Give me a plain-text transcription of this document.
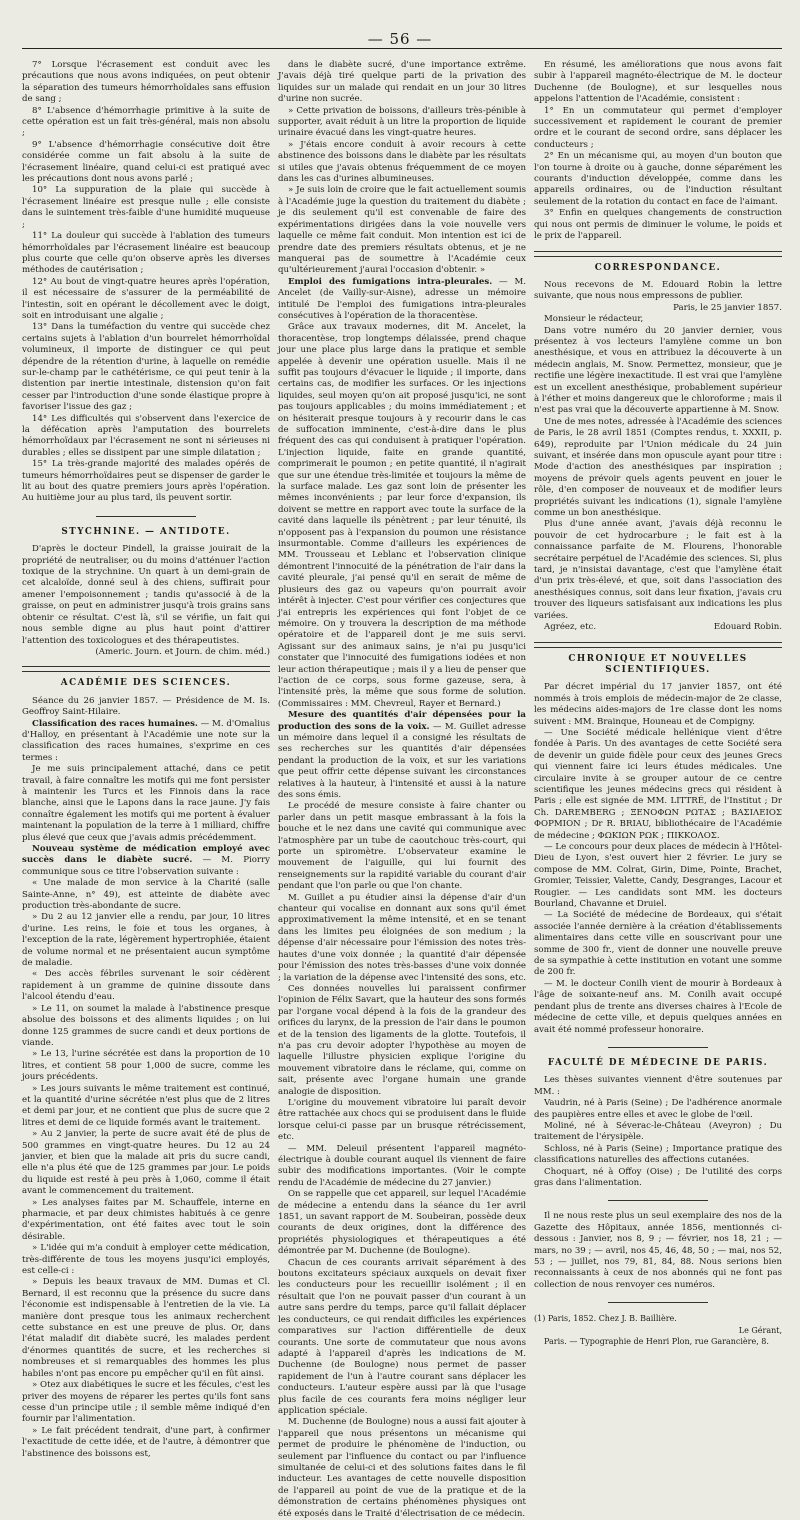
— 56 —

7° Lorsque l'écrasement est conduit avec les précautions que nous avons indiquées, on peut obtenir la séparation des tumeurs hémorrhoïdales sans effusion de sang ;

8° L'absence d'hémorrhagie primitive à la suite de cette opération est un fait très-général, mais non absolu ;

9° L'absence d'hémorrhagie consécutive doit être considérée comme un fait absolu à la suite de l'écrasement linéaire, quand celui-ci est pratiqué avec les précautions dont nous avons parlé ;

10° La suppuration de la plaie qui succède à l'écrasement linéaire est presque nulle ; elle consiste dans le suintement très-faible d'une humidité muqueuse ;

11° La douleur qui succède à l'ablation des tumeurs hémorrhoïdales par l'écrasement linéaire est beaucoup plus courte que celle qu'on observe après les diverses méthodes de cautérisation ;

12° Au bout de vingt-quatre heures après l'opération, il est nécessaire de s'assurer de la perméabilité de l'intestin, soit en opérant le décollement avec le doigt, soit en introduisant une algalie ;

13° Dans la tuméfaction du ventre qui succède chez certains sujets à l'ablation d'un bourrelet hémorrhoïdal volumineux, il importe de distinguer ce qui peut dépendre de la rétention d'urine, à laquelle on remédie sur-le-champ par le cathétérisme, ce qui peut tenir à la distention par inertie intestinale, distension qu'on fait cesser par l'introduction d'une sonde élastique propre à favoriser l'issue des gaz ;

14° Les difficultés qui s'observent dans l'exercice de la défécation après l'amputation des bourrelets hémorrhoïdaux par l'écrasement ne sont ni sérieuses ni durables ; elles se dissipent par une simple dilatation ;

15° La très-grande majorité des malades opérés de tumeurs hémorrhoïdaires peut se dispenser de garder le lit au bout des quatre premiers jours après l'opération. Au huitième jour au plus tard, ils peuvent sortir.

STYCHNINE. — ANTIDOTE.

D'après le docteur Pindell, la graisse jouirait de la propriété de neutraliser, ou du moins d'atténuer l'action toxique de la strychnine. Un quart à un demi-grain de cet alcaloïde, donné seul à des chiens, suffirait pour amener l'empoisonnement ; tandis qu'associé à de la graisse, on peut en administrer jusqu'à trois grains sans obtenir ce résultat. C'est là, s'il se vérifie, un fait qui nous semble digne au plus haut point d'attirer l'attention des toxicologues et des thérapeutistes.

(Americ. Journ. et Journ. de chim. méd.)

ACADÉMIE DES SCIENCES.

Séance du 26 janvier 1857. — Présidence de M. Is. Geoffroy Saint-Hilaire.

Classification des races humaines. — M. d'Omalius d'Halloy, en présentant à l'Académie une note sur la classification des races humaines, s'exprime en ces termes :

Je me suis principalement attaché, dans ce petit travail, à faire connaître les motifs qui me font persister à maintenir les Turcs et les Finnois dans la race blanche, ainsi que le Lapons dans la race jaune. J'y fais connaître également les motifs qui me portent à évaluer maintenant la population de la terre à 1 milliard, chiffre plus élevé que ceux que j'avais admis précédemment.

Nouveau système de médication employé avec succès dans le diabète sucré. — M. Piorry communique sous ce titre l'observation suivante :

« Une malade de mon service à la Charité (salle Sainte-Anne, n° 49), est atteinte de diabète avec production très-abondante de sucre.

» Du 2 au 12 janvier elle a rendu, par jour, 10 litres d'urine. Les reins, le foie et tous les organes, à l'exception de la rate, légèrement hypertrophiée, étaient de volume normal et ne présentaient aucun symptôme de maladie.

« Des accès fébriles survenant le soir cédèrent rapidement à un gramme de quinine dissoute dans l'alcool étendu d'eau.

» Le 11, on soumet la malade à l'abstinence presque absolue des boissons et des aliments liquides ; on lui donne 125 grammes de sucre candi et deux portions de viande.

» Le 13, l'urine sécrétée est dans la proportion de 10 litres, et contient 58 pour 1,000 de sucre, comme les jours précédents.

» Les jours suivants le même traitement est continué, et la quantité d'urine sécrétée n'est plus que de 2 litres et demi par jour, et ne contient que plus de sucre que 2 litres et demi de ce liquide formés avant le traitement.

» Au 2 janvier, la perte de sucre avait été de plus de 500 grammes en vingt-quatre heures. Du 12 au 24 janvier, et bien que la malade ait pris du sucre candi, elle n'a plus été que de 125 grammes par jour. Le poids du liquide est resté à peu près à 1,060, comme il était avant le commencement du traitement.

» Les analyses faites par M. Schauffele, interne en pharmacie, et par deux chimistes habitués à ce genre d'expérimentation, ont été faites avec tout le soin désirable.

» L'idée qui m'a conduit à employer cette médication, très-différente de tous les moyens jusqu'ici employés, est celle-ci :

» Depuis les beaux travaux de MM. Dumas et Cl. Bernard, il est reconnu que la présence du sucre dans l'économie est indispensable à l'entretien de la vie. La manière dont presque tous les animaux recherchent cette substance en est une preuve de plus. Or, dans l'état maladif dit diabète sucré, les malades perdent d'énormes quantités de sucre, et les recherches si nombreuses et si remarquables des hommes les plus habiles n'ont pas encore pu empêcher qu'il en fût ainsi.

» Otez aux diabétiques le sucre et les fécules, c'est les priver des moyens de réparer les pertes qu'ils font sans cesse d'un principe utile ; il semble même indiqué d'en fournir par l'alimentation.

» Le fait précédent tendrait, d'une part, à confirmer l'exactitude de cette idée, et de l'autre, à démontrer que l'abstinence des boissons est,

dans le diabète sucré, d'une importance extrême. J'avais déjà tiré quelque parti de la privation des liquides sur un malade qui rendait en un jour 30 litres d'urine non sucrée.

» Cette privation de boissons, d'ailleurs très-pénible à supporter, avait réduit à un litre la proportion de liquide urinaire évacué dans les vingt-quatre heures.

» J'étais encore conduit à avoir recours à cette abstinence des boissons dans le diabète par les résultats si utiles que j'avais obtenus fréquemment de ce moyen dans les cas d'urines albumineuses.

» Je suis loin de croire que le fait actuellement soumis à l'Académie juge la question du traitement du diabète ; je dis seulement qu'il est convenable de faire des expérimentations dirigées dans la voie nouvelle vers laquelle ce même fait conduit. Mon intention est ici de prendre date des premiers résultats obtenus, et je ne manquerai pas de soumettre à l'Académie ceux qu'ultérieurement j'aurai l'occasion d'obtenir. »

Emploi des fumigations intra-pleurales. — M. Ancelet (de Vailly-sur-Aisne), adresse un mémoire intitulé De l'emploi des fumigations intra-pleurales consécutives à l'opération de la thoracentèse.

Grâce aux travaux modernes, dit M. Ancelet, la thoracentèse, trop longtemps délaissée, prend chaque jour une place plus large dans la pratique et semble appelée à devenir une opération usuelle. Mais il ne suffit pas toujours d'évacuer le liquide ; il importe, dans certains cas, de modifier les surfaces. Or les injections liquides, seul moyen qu'on ait proposé jusqu'ici, ne sont pas toujours applicables ; du moins immédiatement ; et on hésiterait presque toujours à y recourir dans le cas de suffocation imminente, c'est-à-dire dans le plus fréquent des cas qui conduisent à pratiquer l'opération. L'injection liquide, faite en grande quantité, comprimerait le poumon ; en petite quantité, il n'agirait que sur une étendue très-limitée et toujours la même de la surface malade. Les gaz sont loin de présenter les mêmes inconvénients ; par leur force d'expansion, ils doivent se mettre en rapport avec toute la surface de la cavité dans laquelle ils pénètrent ; par leur ténuité, ils n'opposent pas à l'expansion du poumon une résistance insurmontable. Comme d'ailleurs les expériences de MM. Trousseau et Leblanc et l'observation clinique démontrent l'innocuité de la pénétration de l'air dans la cavité pleurale, j'ai pensé qu'il en serait de même de plusieurs des gaz ou vapeurs qu'on pourrait avoir intérêt à injecter. C'est pour vérifier ces conjectures que j'ai entrepris les expériences qui font l'objet de ce mémoire. On y trouvera la description de ma méthode opératoire et de l'appareil dont je me suis servi. Agissant sur des animaux sains, je n'ai pu jusqu'ici constater que l'innocuité des fumigations iodées et non leur action thérapeutique ; mais il y a lieu de penser que l'action de ce corps, sous forme gazeuse, sera, à l'intensité près, la même que sous forme de solution. (Commissaires : MM. Chevreul, Rayer et Bernard.)

Mesure des quantités d'air dépensées pour la production des sons de la voix. — M. Guillet adresse un mémoire dans lequel il a consigné les résultats de ses recherches sur les quantités d'air dépensées pendant la production de la voix, et sur les variations que peut offrir cette dépense suivant les circonstances relatives à la hauteur, à l'intensité et aussi à la nature des sons émis.

Le procédé de mesure consiste à faire chanter ou parler dans un petit masque embrassant à la fois la bouche et le nez dans une cavité qui communique avec l'atmosphère par un tube de caoutchouc très-court, qui porte un spiromètre. L'observateur examine le mouvement de l'aiguille, qui lui fournit des renseignements sur la rapidité variable du courant d'air pendant que l'on parle ou que l'on chante.

M. Guillet a pu étudier ainsi la dépense d'air d'un chanteur qui vocalise en donnant aux sons qu'il émet approximativement la même intensité, et en se tenant dans les limites peu éloignées de son medium ; la dépense d'air nécessaire pour l'émission des notes très-hautes d'une voix donnée ; la quantité d'air dépensée pour l'émission des notes très-basses d'une voix donnée ; la variation de la dépense avec l'intensité des sons, etc.

Ces données nouvelles lui paraissent confirmer l'opinion de Félix Savart, que la hauteur des sons formés par l'organe vocal dépend à la fois de la grandeur des orifices du larynx, de la pression de l'air dans le poumon et de la tension des ligaments de la glotte. Toutefois, il n'a pas cru devoir adopter l'hypothèse au moyen de laquelle l'illustre physicien explique l'origine du mouvement vibratoire dans le réclame, qui, comme on sait, présente avec l'organe humain une grande analogie de disposition.

L'origine du mouvement vibratoire lui paraît devoir être rattachée aux chocs qui se produisent dans le fluide lorsque celui-ci passe par un brusque rétrécissement, etc.

— MM. Deleuil présentent l'appareil magnéto-électrique à double courant auquel ils viennent de faire subir des modifications importantes. (Voir le compte rendu de l'Académie de médecine du 27 janvier.)

On se rappelle que cet appareil, sur lequel l'Académie de médecine a entendu dans la séance du 1er avril 1851, un savant rapport de M. Soubeiran, possède deux courants de deux origines, dont la différence des propriétés physiologiques et thérapeutiques a été démontrée par M. Duchenne (de Boulogne).

Chacun de ces courants arrivait séparément à des boutons excitateurs spéciaux auxquels on devait fixer les conducteurs pour les recueillir isolément ; il en résultait que l'on ne pouvait passer d'un courant à un autre sans perdre du temps, parce qu'il fallait déplacer les conducteurs, ce qui rendait difficiles les expériences comparatives sur l'action différentielle de deux courants. Une sorte de commutateur que nous avons adapté à l'appareil d'après les indications de M. Duchenne (de Boulogne) nous permet de passer rapidement de l'un à l'autre courant sans déplacer les conducteurs. L'auteur espère aussi par là que l'usage plus facile de ces courants fera moins négliger leur application spéciale.

M. Duchenne (de Boulogne) nous a aussi fait ajouter à l'appareil que nous présentons un mécanisme qui permet de produire le phénomène de l'induction, ou seulement par l'influence du contact ou par l'influence simultanée de celui-ci et des solutions faites dans le fil inducteur. Les avantages de cette nouvelle disposition de l'appareil au point de vue de la pratique et de la démonstration de certains phénomènes physiques ont été exposés dans le Traité d'électrisation de ce médecin.

En résumé, les améliorations que nous avons fait subir à l'appareil magnéto-électrique de M. le docteur Duchenne (de Boulogne), et sur lesquelles nous appelons l'attention de l'Académie, consistent :

1° En un commutateur qui permet d'employer successivement et rapidement le courant de premier ordre et le courant de second ordre, sans déplacer les conducteurs ;

2° En un mécanisme qui, au moyen d'un bouton que l'on tourne à droite ou à gauche, donne séparément les courants d'induction développée, comme dans les appareils ordinaires, ou de l'induction résultant seulement de la rotation du contact en face de l'aimant.

3° Enfin en quelques changements de construction qui nous ont permis de diminuer le volume, le poids et le prix de l'appareil.

CORRESPONDANCE.

Nous recevons de M. Edouard Robin la lettre suivante, que nous nous empressons de publier.

Paris, le 25 janvier 1857.

Monsieur le rédacteur,

Dans votre numéro du 20 janvier dernier, vous présentez à vos lecteurs l'amylène comme un bon anesthésique, et vous en attribuez la découverte à un médecin anglais, M. Snow. Permettez, monsieur, que je rectifie une légère inexactitude. Il est vrai que l'amylène est un excellent anesthésique, probablement supérieur à l'éther et moins dangereux que le chloroforme ; mais il n'est pas vrai que la découverte appartienne à M. Snow.

Une de mes notes, adressée à l'Académie des sciences de Paris, le 28 avril 1851 (Comptes rendus, t. XXXII, p. 649), reproduite par l'Union médicale du 24 juin suivant, et insérée dans mon opuscule ayant pour titre : Mode d'action des anesthésiques par inspiration ; moyens de prévoir quels agents peuvent en jouer le rôle, d'en composer de nouveaux et de modifier leurs propriétés suivant les indications (1), signale l'amylène comme un bon anesthésique.

Plus d'une année avant, j'avais déjà reconnu le pouvoir de cet hydrocarbure ; le fait est à la connaissance parfaite de M. Flourens, l'honorable secrétaire perpétuel de l'Académie des sciences. Si, plus tard, je n'insistai davantage, c'est que l'amylène était d'un prix très-élevé, et que, soit dans l'association des anesthésiques connus, soit dans leur fixation, j'avais cru trouver des liqueurs satisfaisant aux indications les plus variées.

Agréez, etc.	Edouard Robin.

CHRONIQUE ET NOUVELLES SCIENTIFIQUES.

Par décret impérial du 17 janvier 1857, ont été nommés à trois emplois de médecin-major de 2e classe, les médecins aides-majors de 1re classe dont les noms suivent : MM. Brainque, Houneau et de Compigny.

— Une Société médicale hellénique vient d'être fondée à Paris. Un des avantages de cette Société sera de devenir un guide fidèle pour ceux des jeunes Grecs qui viennent faire ici leurs études médicales. Une circulaire invite à se grouper autour de ce centre scientifique les jeunes médecins grecs qui résident à Paris ; elle est signée de MM. LITTRÉ, de l'Institut ; Dr Ch. DAREMBERG ; ΞΕΝΟΦΩΝ ΡΩΤΑΣ ; ΒΑΣΙΛΕΙΟΣ ΦΟΡΜΙΟΝ ; Dr R. BRIAU, bibliothécaire de l'Académie de médecine ; ΦΩΚΙΩΝ ΡΩΚ ; ΠΙΚΚΟΛΟΣ.

— Le concours pour deux places de médecin à l'Hôtel-Dieu de Lyon, s'est ouvert hier 2 février. Le jury se compose de MM. Colrat, Girin, Dime, Pointe, Brachet, Gromier, Teissier, Valette, Candy, Desgranges, Lacour et Rougier. — Les candidats sont MM. les docteurs Bourland, Chavanne et Druiel.

— La Société de médecine de Bordeaux, qui s'était associée l'année dernière à la création d'établissements alimentaires dans cette ville en souscrivant pour une somme de 300 fr., vient de donner une nouvelle preuve de sa sympathie à cette institution en votant une somme de 200 fr.

— M. le docteur Conilh vient de mourir à Bordeaux à l'âge de soixante-neuf ans. M. Conilh avait occupé pendant plus de trente ans diverses chaires à l'Ecole de médecine de cette ville, et depuis quelques années en avait été nommé professeur honoraire.

FACULTÉ DE MÉDECINE DE PARIS.

Les thèses suivantes viennent d'être soutenues par MM. :

Vaudrin, né à Paris (Seine) ; De l'adhérence anormale des paupières entre elles et avec le globe de l'œil.

Moliné, né à Séverac-le-Château (Aveyron) ; Du traitement de l'érysipèle.

Schloss, né à Paris (Seine) ; Importance pratique des classifications naturelles des affections cutanées.

Choquart, né à Offoy (Oise) ; De l'utilité des corps gras dans l'alimentation.

Il ne nous reste plus un seul exemplaire des nos de la Gazette des Hôpitaux, année 1856, mentionnés ci-dessous : Janvier, nos 8, 9 ; — février, nos 18, 21 ; — mars, no 39 ; — avril, nos 45, 46, 48, 50 ; — mai, nos 52, 53 ; — juillet, nos 79, 81, 84, 88. Nous serions bien reconnaissants à ceux de nos abonnés qui ne font pas collection de nous renvoyer ces numéros.

(1) Paris, 1852. Chez J. B. Baillière.

Le Gérant,

Paris. — Typographie de Henri Plon, rue Garancière, 8.
